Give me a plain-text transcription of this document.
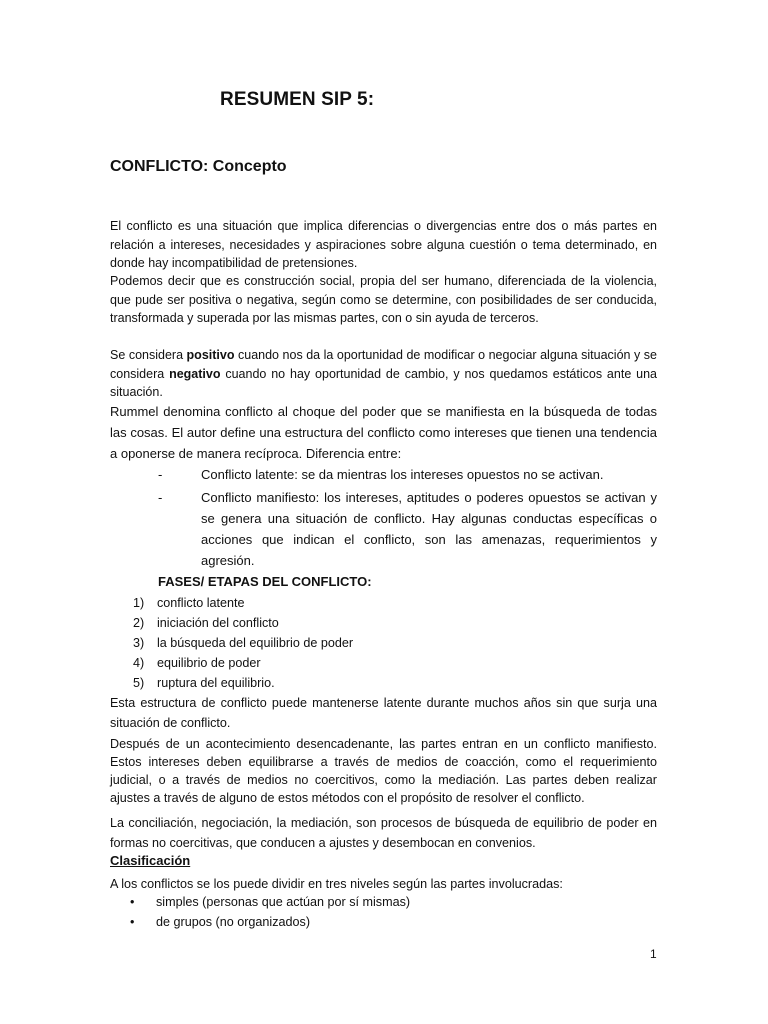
RESUMEN SIP 5:
CONFLICTO: Concepto

El conflicto es una situación que implica diferencias o divergencias entre dos o más partes en relación a intereses, necesidades y aspiraciones sobre alguna cuestión o tema determinado, en donde hay incompatibilidad de pretensiones.

Podemos decir que es construcción social, propia del ser humano, diferenciada de la violencia, que pude ser positiva o negativa, según como se determine, con posibilidades de ser conducida, transformada y superada por las mismas partes, con o sin ayuda de terceros.

Se considera positivo cuando nos da la oportunidad de modificar o negociar alguna situación y se considera negativo cuando no hay oportunidad de cambio, y nos quedamos estáticos ante una situación.

Rummel denomina conflicto al choque del poder que se manifiesta en la búsqueda de todas las cosas. El autor define una estructura del conflicto como intereses que tienen una tendencia a oponerse de manera recíproca. Diferencia entre:

-	Conflicto latente: se da mientras los intereses opuestos no se activan.
-	Conflicto manifiesto: los intereses, aptitudes o poderes opuestos se activan y se genera una situación de conflicto. Hay algunas conductas específicas o acciones que indican el conflicto, son las amenazas, requerimientos y agresión.
FASES/ ETAPAS DEL CONFLICTO:
1) conflicto latente
2) iniciación del conflicto
3) la búsqueda del equilibrio de poder
4) equilibrio de poder
5) ruptura del equilibrio.

Esta estructura de conflicto puede mantenerse latente durante muchos años sin que surja una situación de conflicto.

Después de un acontecimiento desencadenante, las partes entran en un conflicto manifiesto. Estos intereses deben equilibrarse a través de medios de coacción, como el requerimiento judicial, o a través de medios no coercitivos, como la mediación. Las partes deben realizar ajustes a través de alguno de estos métodos con el propósito de resolver el conflicto.

La conciliación, negociación, la mediación, son procesos de búsqueda de equilibrio de poder en formas no coercitivas, que conducen a ajustes y desembocan en convenios.

Clasificación
A los conflictos se los puede dividir en tres niveles según las partes involucradas:
• simples (personas que actúan por sí mismas)
• de grupos (no organizados)
1
